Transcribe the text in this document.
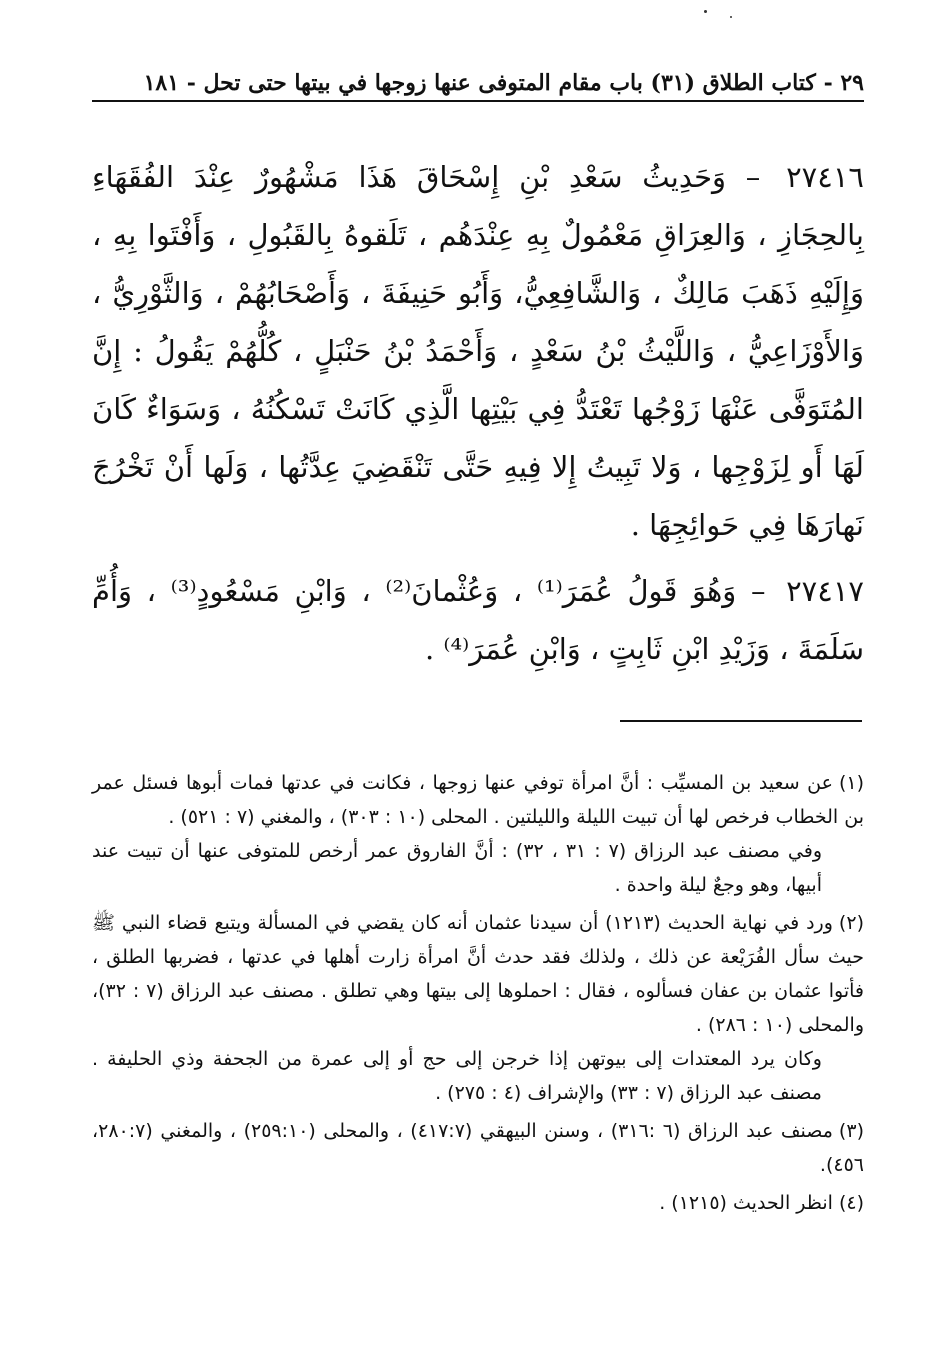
٢٩ - كتاب الطلاق (٣١) باب مقام المتوفى عنها زوجها في بيتها حتى تحل - ١٨١

٢٧٤١٦ – وَحَدِيثُ سَعْدِ بْنِ إِسْحَاقَ هَذَا مَشْهُورٌ عِنْدَ الفُقَهَاءِ بِالحِجَازِ ، وَالعِرَاقِ مَعْمُولٌ بِهِ عِنْدَهُم ، تَلَقوهُ بِالقَبُولِ ، وَأَفْتَوا بِهِ ، وَإِلَيْهِ ذَهَبَ مَالِكٌ ، وَالشَّافِعِيُّ، وَأَبُو حَنِيفَةَ ، وَأَصْحَابُهُمْ ، وَالثَّوْرِيُّ ، وَالأَوْزَاعِيُّ ، وَاللَّيْثُ بْنُ سَعْدٍ ، وَأَحْمَدُ بْنُ حَنْبَلٍ ، كُلُّهُمْ يَقُولُ : إِنَّ المُتَوَفَّى عَنْهَا زَوْجُها تَعْتَدُّ فِي بَيْتِها الَّذِي كَانَتْ تَسْكُنُهُ ، وَسَوَاءٌ كَانَ لَهَا أَو لِزَوْجِها ، وَلا تَبِيتُ إِلا فِيهِ حَتَّى تَنْقَضِيَ عِدَّتُها ، وَلَها أَنْ تَخْرُجَ نَهارَهَا فِي حَوائِجِهَا .

٢٧٤١٧ – وَهُوَ قَولُ عُمَرَ⁽¹⁾ ، وَعُثْمانَ⁽²⁾ ، وَابْنِ مَسْعُودٍ⁽³⁾ ، وَأُمِّ سَلَمَةَ ، وَزَيْدِ ابْنِ ثَابِتٍ ، وَابْنِ عُمَرَ⁽⁴⁾ .

(١)عن سعيد بن المسيِّب : أنَّ امرأة توفي عنها زوجها ، فكانت في عدتها فمات أبوها فسئل عمر بن الخطاب فرخص لها أن تبيت الليلة والليلتين . المحلى (١٠ : ٣٠٣) ، والمغني (٧ : ٥٢١) .

وفي مصنف عبد الرزاق (٧ : ٣١ ، ٣٢) : أنَّ الفاروق عمر أرخص للمتوفى عنها أن تبيت عند أبيها، وهو وجعٌ ليلة واحدة .

(٢)ورد في نهاية الحديث (١٢١٣) أن سيدنا عثمان أنه كان يقضي في المسألة ويتبع قضاء النبي ﷺ حيث سأل الفُرَيْعة عن ذلك ، ولذلك فقد حدث أنَّ امرأة زارت أهلها في عدتها ، فضربها الطلق ، فأتوا عثمان بن عفان فسألوه ، فقال : احملوها إلى بيتها وهي تطلق . مصنف عبد الرزاق (٧ : ٣٢)، والمحلى (١٠ : ٢٨٦) .

وكان يرد المعتدات إلى بيوتهن إذا خرجن إلى حج أو إلى عمرة من الجحفة وذي الحليفة . مصنف عبد الرزاق (٧ : ٣٣) والإشراف (٤ : ٢٧٥) .

(٣)مصنف عبد الرزاق (٦ :٣١٦) ، وسنن البيهقي (٤١٧:٧) ، والمحلى (٢٥٩:١٠) ، والمغني (٢٨٠:٧، ٤٥٦).

(٤)انظر الحديث (١٢١٥) .
